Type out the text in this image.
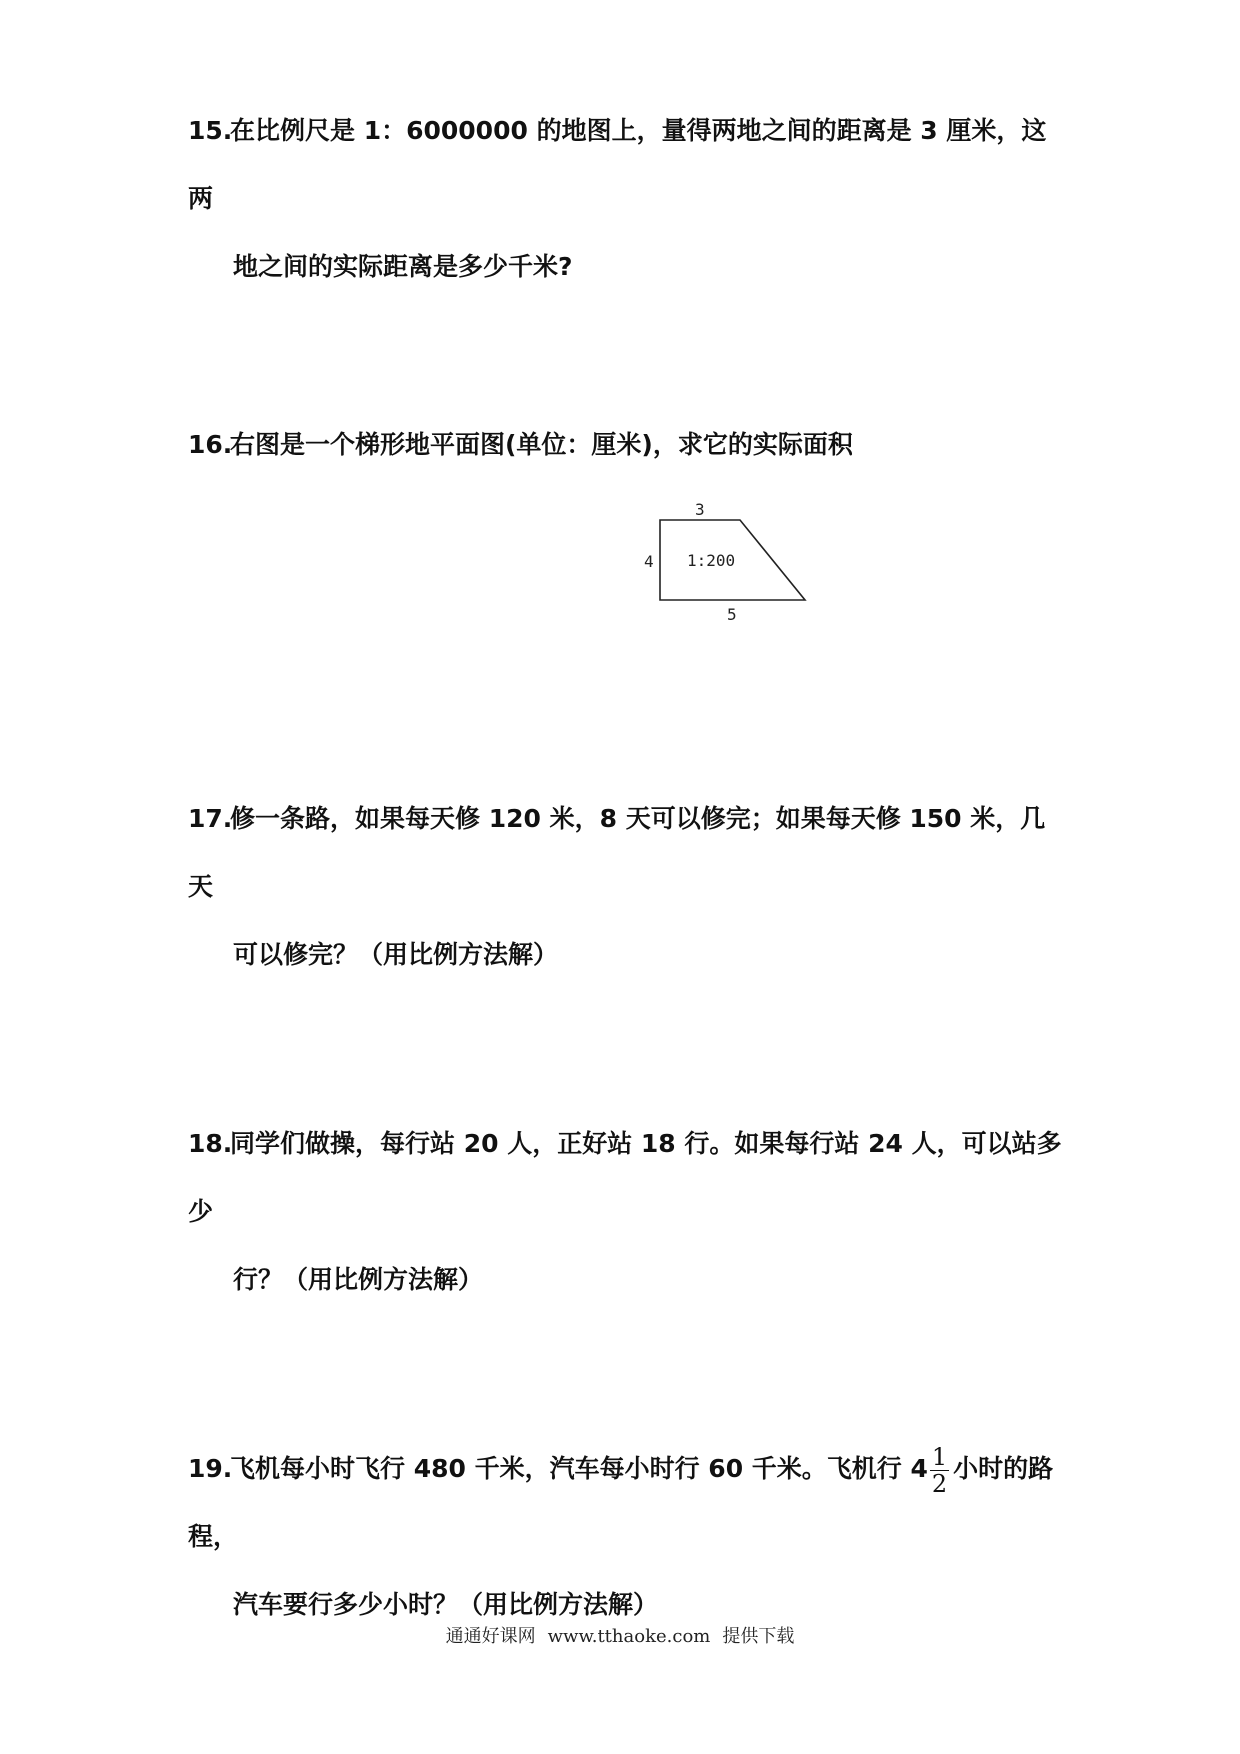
15.在比例尺是 1：6000000 的地图上，量得两地之间的距离是 3 厘米，这两
地之间的实际距离是多少千米?
16.右图是一个梯形地平面图(单位：厘米)，求它的实际面积
3
4
5
1:200
17.修一条路，如果每天修 120 米，8 天可以修完；如果每天修 150 米，几天
可以修完？（用比例方法解）
18.同学们做操，每行站 20 人，正好站 18 行。如果每行站 24 人，可以站多少
行？（用比例方法解）
19.飞机每小时飞行 480 千米，汽车每小时行 60 千米。飞机行 $4 \frac{1}{2}$ 小时的路程，
汽车要行多少小时？（用比例方法解）
通通好课网 www.tthaoke.com 提供下载
